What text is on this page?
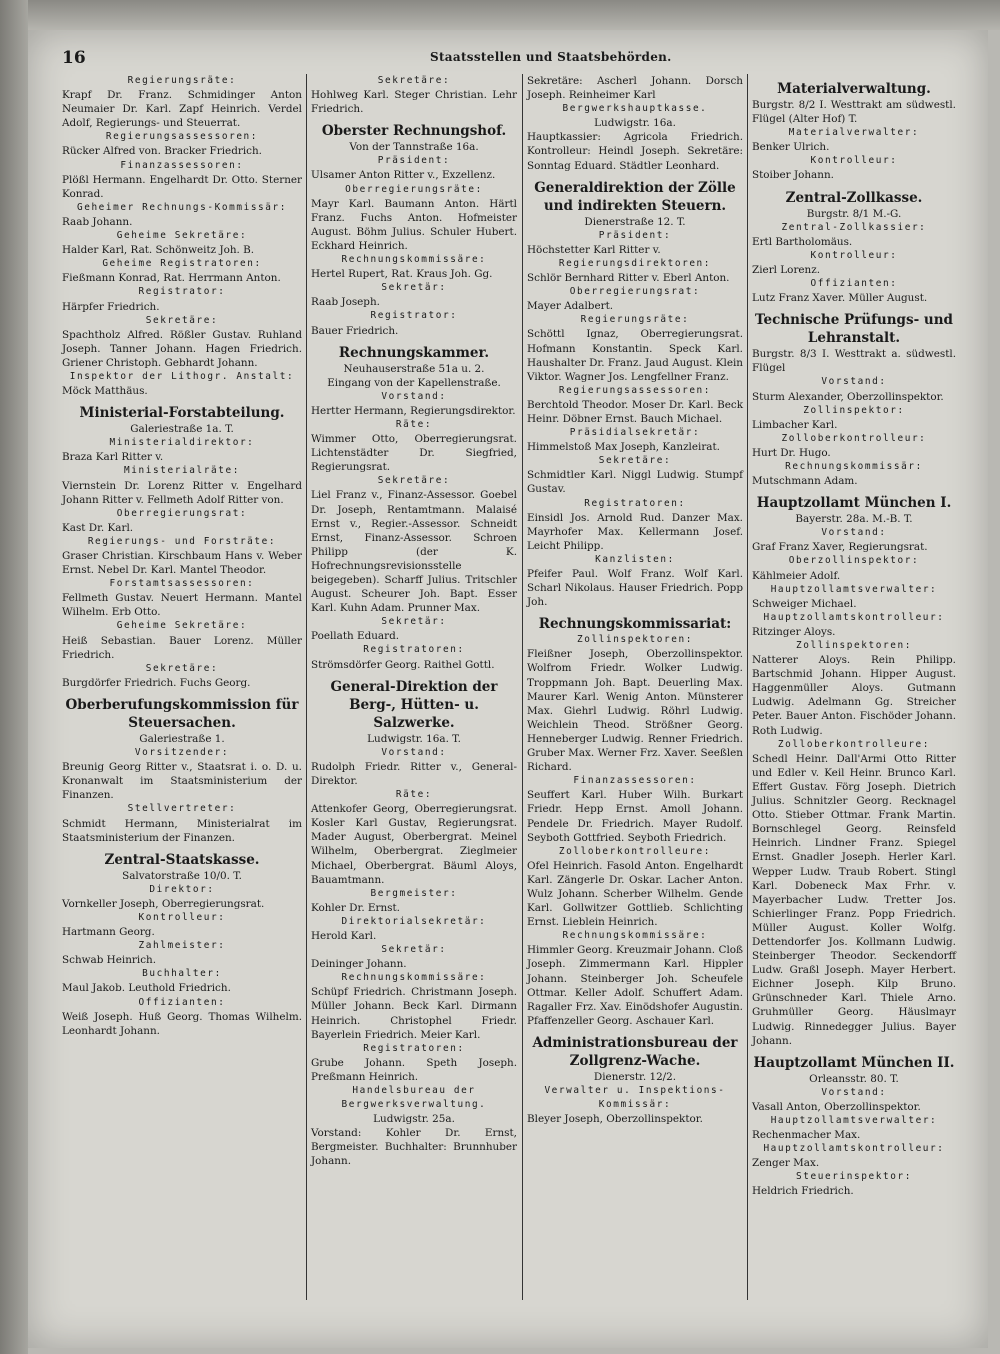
16	Staatsstellen und Staatsbehörden.

Regierungsräte:

Krapf Dr. Franz. Schmidinger Anton Neumaier Dr. Karl. Zapf Heinrich. Verdel Adolf, Regierungs- und Steuerrat.

Regierungsassessoren:

Rücker Alfred von. Bracker Friedrich.

Finanzassessoren:

Plößl Hermann. Engelhardt Dr. Otto. Sterner Konrad.

Geheimer Rechnungs-Kommissär:

Raab Johann.

Geheime Sekretäre:

Halder Karl, Rat. Schönweitz Joh. B.

Geheime Registratoren:

Fießmann Konrad, Rat. Herrmann Anton.

Registrator:

Härpfer Friedrich.

Sekretäre:

Spachtholz Alfred. Rößler Gustav. Ruhland Joseph. Tanner Johann. Hagen Friedrich. Griener Christoph. Gebhardt Johann.

Inspektor der Lithogr. Anstalt:

Möck Matthäus.

Ministerial-Forstabteilung.

Galeriestraße 1a. T.

Ministerialdirektor:

Braza Karl Ritter v.

Ministerialräte:

Viernstein Dr. Lorenz Ritter v. Engelhard Johann Ritter v. Fellmeth Adolf Ritter von.

Oberregierungsrat:

Kast Dr. Karl.

Regierungs- und Forsträte:

Graser Christian. Kirschbaum Hans v. Weber Ernst. Nebel Dr. Karl. Mantel Theodor.

Forstamtsassessoren:

Fellmeth Gustav. Neuert Hermann. Mantel Wilhelm. Erb Otto.

Geheime Sekretäre:

Heiß Sebastian. Bauer Lorenz. Müller Friedrich.

Sekretäre:

Burgdörfer Friedrich. Fuchs Georg.

Oberberufungskommission für Steuersachen.

Galeriestraße 1.

Vorsitzender:

Breunig Georg Ritter v., Staatsrat i. o. D. u. Kronanwalt im Staatsministerium der Finanzen.

Stellvertreter:

Schmidt Hermann, Ministerialrat im Staatsministerium der Finanzen.

Zentral-Staatskasse.

Salvatorstraße 10/0. T.

Direktor:

Vornkeller Joseph, Oberregierungsrat.

Kontrolleur:

Hartmann Georg.

Zahlmeister:

Schwab Heinrich.

Buchhalter:

Maul Jakob. Leuthold Friedrich.

Offizianten:

Weiß Joseph. Huß Georg. Thomas Wilhelm. Leonhardt Johann.

Sekretäre:

Hohlweg Karl. Steger Christian. Lehr Friedrich.

Oberster Rechnungshof.

Von der Tannstraße 16a.

Präsident:

Ulsamer Anton Ritter v., Exzellenz.

Oberregierungsräte:

Mayr Karl. Baumann Anton. Härtl Franz. Fuchs Anton. Hofmeister August. Böhm Julius. Schuler Hubert. Eckhard Heinrich.

Rechnungskommissäre:

Hertel Rupert, Rat. Kraus Joh. Gg.

Sekretär:

Raab Joseph.

Registrator:

Bauer Friedrich.

Rechnungskammer.

Neuhauserstraße 51a u. 2.

Eingang von der Kapellenstraße.

Vorstand:

Hertter Hermann, Regierungsdirektor.

Räte:

Wimmer Otto, Oberregierungsrat. Lichtenstädter Dr. Siegfried, Regierungsrat.

Sekretäre:

Liel Franz v., Finanz-Assessor. Goebel Dr. Joseph, Rentamtmann. Malaisé Ernst v., Regier.-Assessor. Schneidt Ernst, Finanz-Assessor. Schroen Philipp (der K. Hofrechnungsrevisionsstelle beigegeben). Scharff Julius. Tritschler August. Scheurer Joh. Bapt. Esser Karl. Kuhn Adam. Prunner Max.

Sekretär:

Poellath Eduard.

Registratoren:

Strömsdörfer Georg. Raithel Gottl.

General-Direktion der Berg-, Hütten- u. Salzwerke.

Ludwigstr. 16a. T.

Vorstand:

Rudolph Friedr. Ritter v., General-Direktor.

Räte:

Attenkofer Georg, Oberregierungsrat. Kosler Karl Gustav, Regierungsrat. Mader August, Oberbergrat. Meinel Wilhelm, Oberbergrat. Zieglmeier Michael, Oberbergrat. Bäuml Aloys, Bauamtmann.

Bergmeister:

Kohler Dr. Ernst.

Direktorialsekretär:

Herold Karl.

Sekretär:

Deininger Johann.

Rechnungskommissäre:

Schüpf Friedrich. Christmann Joseph. Müller Johann. Beck Karl. Dirmann Heinrich. Christophel Friedr. Bayerlein Friedrich. Meier Karl.

Registratoren:

Grube Johann. Speth Joseph. Preßmann Heinrich.

Handelsbureau der Bergwerksverwaltung.

Ludwigstr. 25a.

Vorstand: Kohler Dr. Ernst, Bergmeister. Buchhalter: Brunnhuber Johann.

Sekretäre: Ascherl Johann. Dorsch Joseph. Reinheimer Karl

Bergwerkshauptkasse.

Ludwigstr. 16a.

Hauptkassier: Agricola Friedrich. Kontrolleur: Heindl Joseph. Sekretäre: Sonntag Eduard. Städtler Leonhard.

Generaldirektion der Zölle und indirekten Steuern.

Dienerstraße 12. T.

Präsident:

Höchstetter Karl Ritter v.

Regierungsdirektoren:

Schlör Bernhard Ritter v. Eberl Anton.

Oberregierungsrat:

Mayer Adalbert.

Regierungsräte:

Schöttl Ignaz, Oberregierungsrat. Hofmann Konstantin. Speck Karl. Haushalter Dr. Franz. Jaud August. Klein Viktor. Wagner Jos. Lengfellner Franz.

Regierungsassessoren:

Berchtold Theodor. Moser Dr. Karl. Beck Heinr. Döbner Ernst. Bauch Michael.

Präsidialsekretär:

Himmelstoß Max Joseph, Kanzleirat.

Sekretäre:

Schmidtler Karl. Niggl Ludwig. Stumpf Gustav.

Registratoren:

Einsidl Jos. Arnold Rud. Danzer Max. Mayrhofer Max. Kellermann Josef. Leicht Philipp.

Kanzlisten:

Pfeifer Paul. Wolf Franz. Wolf Karl. Scharl Nikolaus. Hauser Friedrich. Popp Joh.

Rechnungskommissariat:

Zollinspektoren:

Fleißner Joseph, Oberzollinspektor. Wolfrom Friedr. Wolker Ludwig. Troppmann Joh. Bapt. Deuerling Max. Maurer Karl. Wenig Anton. Münsterer Max. Giehrl Ludwig. Röhrl Ludwig. Weichlein Theod. Strößner Georg. Henneberger Ludwig. Renner Friedrich. Gruber Max. Werner Frz. Xaver. Seeßlen Richard.

Finanzassessoren:

Seuffert Karl. Huber Wilh. Burkart Friedr. Hepp Ernst. Amoll Johann. Pendele Dr. Friedrich. Mayer Rudolf. Seyboth Gottfried. Seyboth Friedrich.

Zolloberkontrolleure:

Ofel Heinrich. Fasold Anton. Engelhardt Karl. Zängerle Dr. Oskar. Lacher Anton. Wulz Johann. Scherber Wilhelm. Gende Karl. Gollwitzer Gottlieb. Schlichting Ernst. Lieblein Heinrich.

Rechnungskommissäre:

Himmler Georg. Kreuzmair Johann. Cloß Joseph. Zimmermann Karl. Hippler Johann. Steinberger Joh. Scheufele Ottmar. Keller Adolf. Schuffert Adam. Ragaller Frz. Xav. Einödshofer Augustin. Pfaffenzeller Georg. Aschauer Karl.

Administrationsbureau der Zollgrenz-Wache.

Dienerstr. 12/2.

Verwalter u. Inspektions-Kommissär:

Bleyer Joseph, Oberzollinspektor.

Materialverwaltung.

Burgstr. 8/2 I. Westtrakt am südwestl. Flügel (Alter Hof) T.

Materialverwalter:

Benker Ulrich.

Kontrolleur:

Stoiber Johann.

Zentral-Zollkasse.

Burgstr. 8/1 M.-G.

Zentral-Zollkassier:

Ertl Bartholomäus.

Kontrolleur:

Zierl Lorenz.

Offizianten:

Lutz Franz Xaver. Müller August.

Technische Prüfungs- und Lehranstalt.

Burgstr. 8/3 I. Westtrakt a. südwestl. Flügel

Vorstand:

Sturm Alexander, Oberzollinspektor.

Zollinspektor:

Limbacher Karl.

Zolloberkontrolleur:

Hurt Dr. Hugo.

Rechnungskommissär:

Mutschmann Adam.

Hauptzollamt München I.

Bayerstr. 28a. M.-B. T.

Vorstand:

Graf Franz Xaver, Regierungsrat.

Oberzollinspektor:

Kählmeier Adolf.

Hauptzollamtsverwalter:

Schweiger Michael.

Hauptzollamtskontrolleur:

Ritzinger Aloys.

Zollinspektoren:

Natterer Aloys. Rein Philipp. Bartschmid Johann. Hipper August. Haggenmüller Aloys. Gutmann Ludwig. Adelmann Gg. Streicher Peter. Bauer Anton. Fischöder Johann. Roth Ludwig.

Zolloberkontrolleure:

Schedl Heinr. Dall'Armi Otto Ritter und Edler v. Keil Heinr. Brunco Karl. Effert Gustav. Förg Joseph. Dietrich Julius. Schnitzler Georg. Recknagel Otto. Stieber Ottmar. Frank Martin. Bornschlegel Georg. Reinsfeld Heinrich. Lindner Franz. Spiegel Ernst. Gnadler Joseph. Herler Karl. Wepper Ludw. Traub Robert. Stingl Karl. Dobeneck Max Frhr. v. Mayerbacher Ludw. Tretter Jos. Schierlinger Franz. Popp Friedrich. Müller August. Koller Wolfg. Dettendorfer Jos. Kollmann Ludwig. Steinberger Theodor. Seckendorff Ludw. Graßl Joseph. Mayer Herbert. Eichner Joseph. Kilp Bruno. Grünschneder Karl. Thiele Arno. Gruhmüller Georg. Häuslmayr Ludwig. Rinnedegger Julius. Bayer Johann.

Hauptzollamt München II.

Orleansstr. 80. T.

Vorstand:

Vasall Anton, Oberzollinspektor.

Hauptzollamtsverwalter:

Rechenmacher Max.

Hauptzollamtskontrolleur:

Zenger Max.

Steuerinspektor:

Heldrich Friedrich.
